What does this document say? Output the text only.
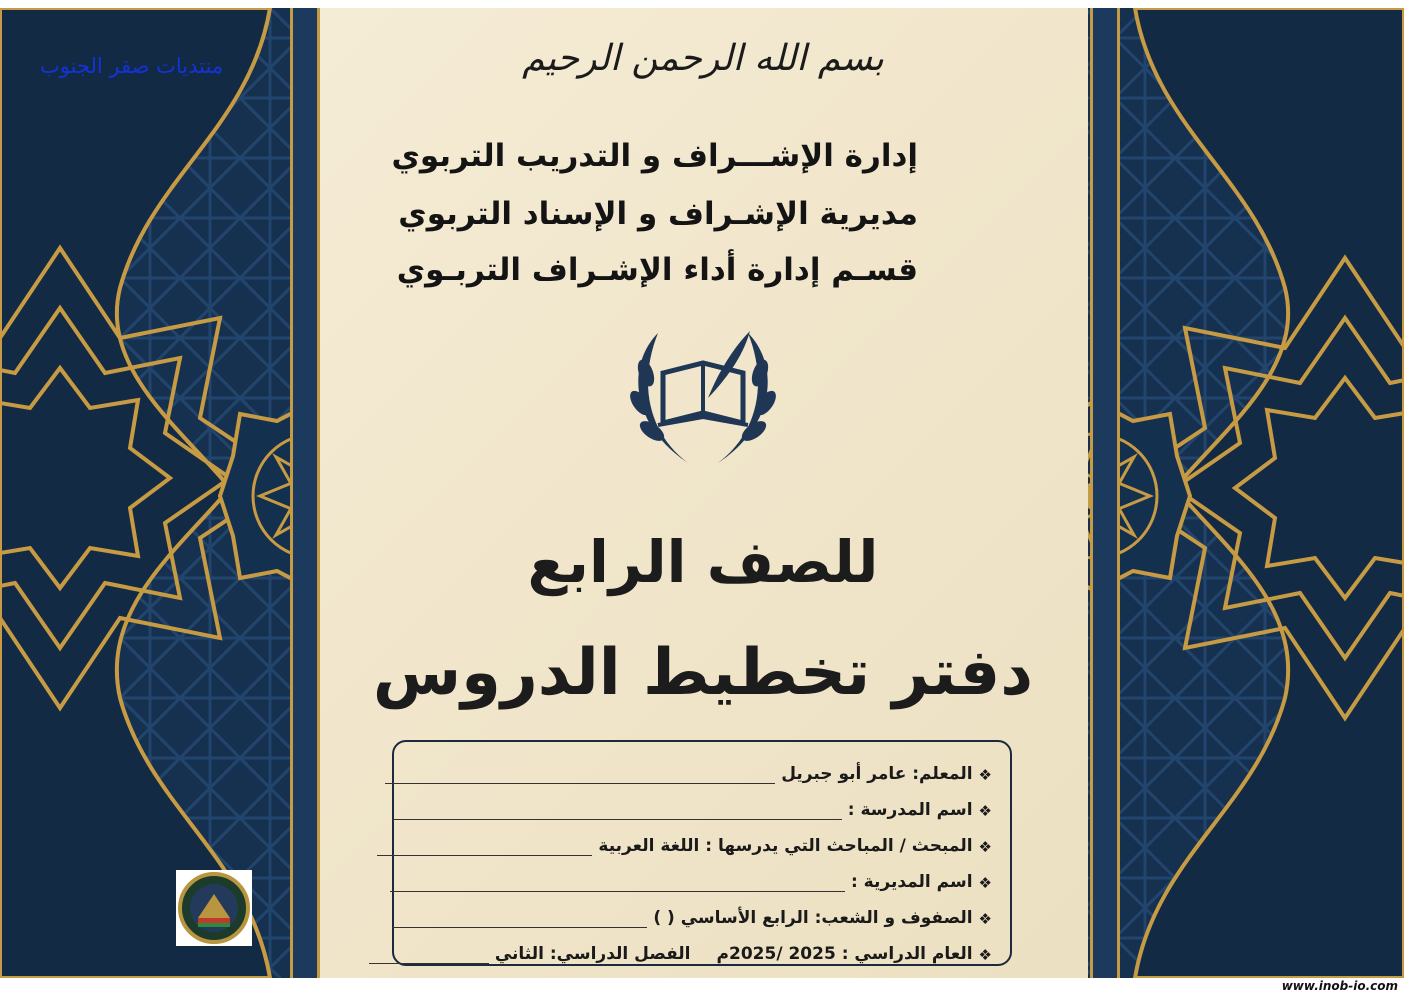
بسم الله الرحمن الرحيم
إدارة الإشـــراف و التدريب التربوي
مديرية الإشـراف و الإسناد التربوي
قسـم إدارة أداء الإشـراف التربـوي
للصف الرابع
دفتر تخطيط الدروس
❖
المعلم: عامر أبو جبريل
❖
اسم المدرسة :
❖
المبحث / المباحث التي يدرسها : اللغة العربية
❖
اسم المديرية :
❖
الصفوف و الشعب: الرابع الأساسي ( )
❖
العام الدراسي : 2025 /2025م
الفصل الدراسي: الثاني
منتديات صقر الجنوب
www.inob-io.com
